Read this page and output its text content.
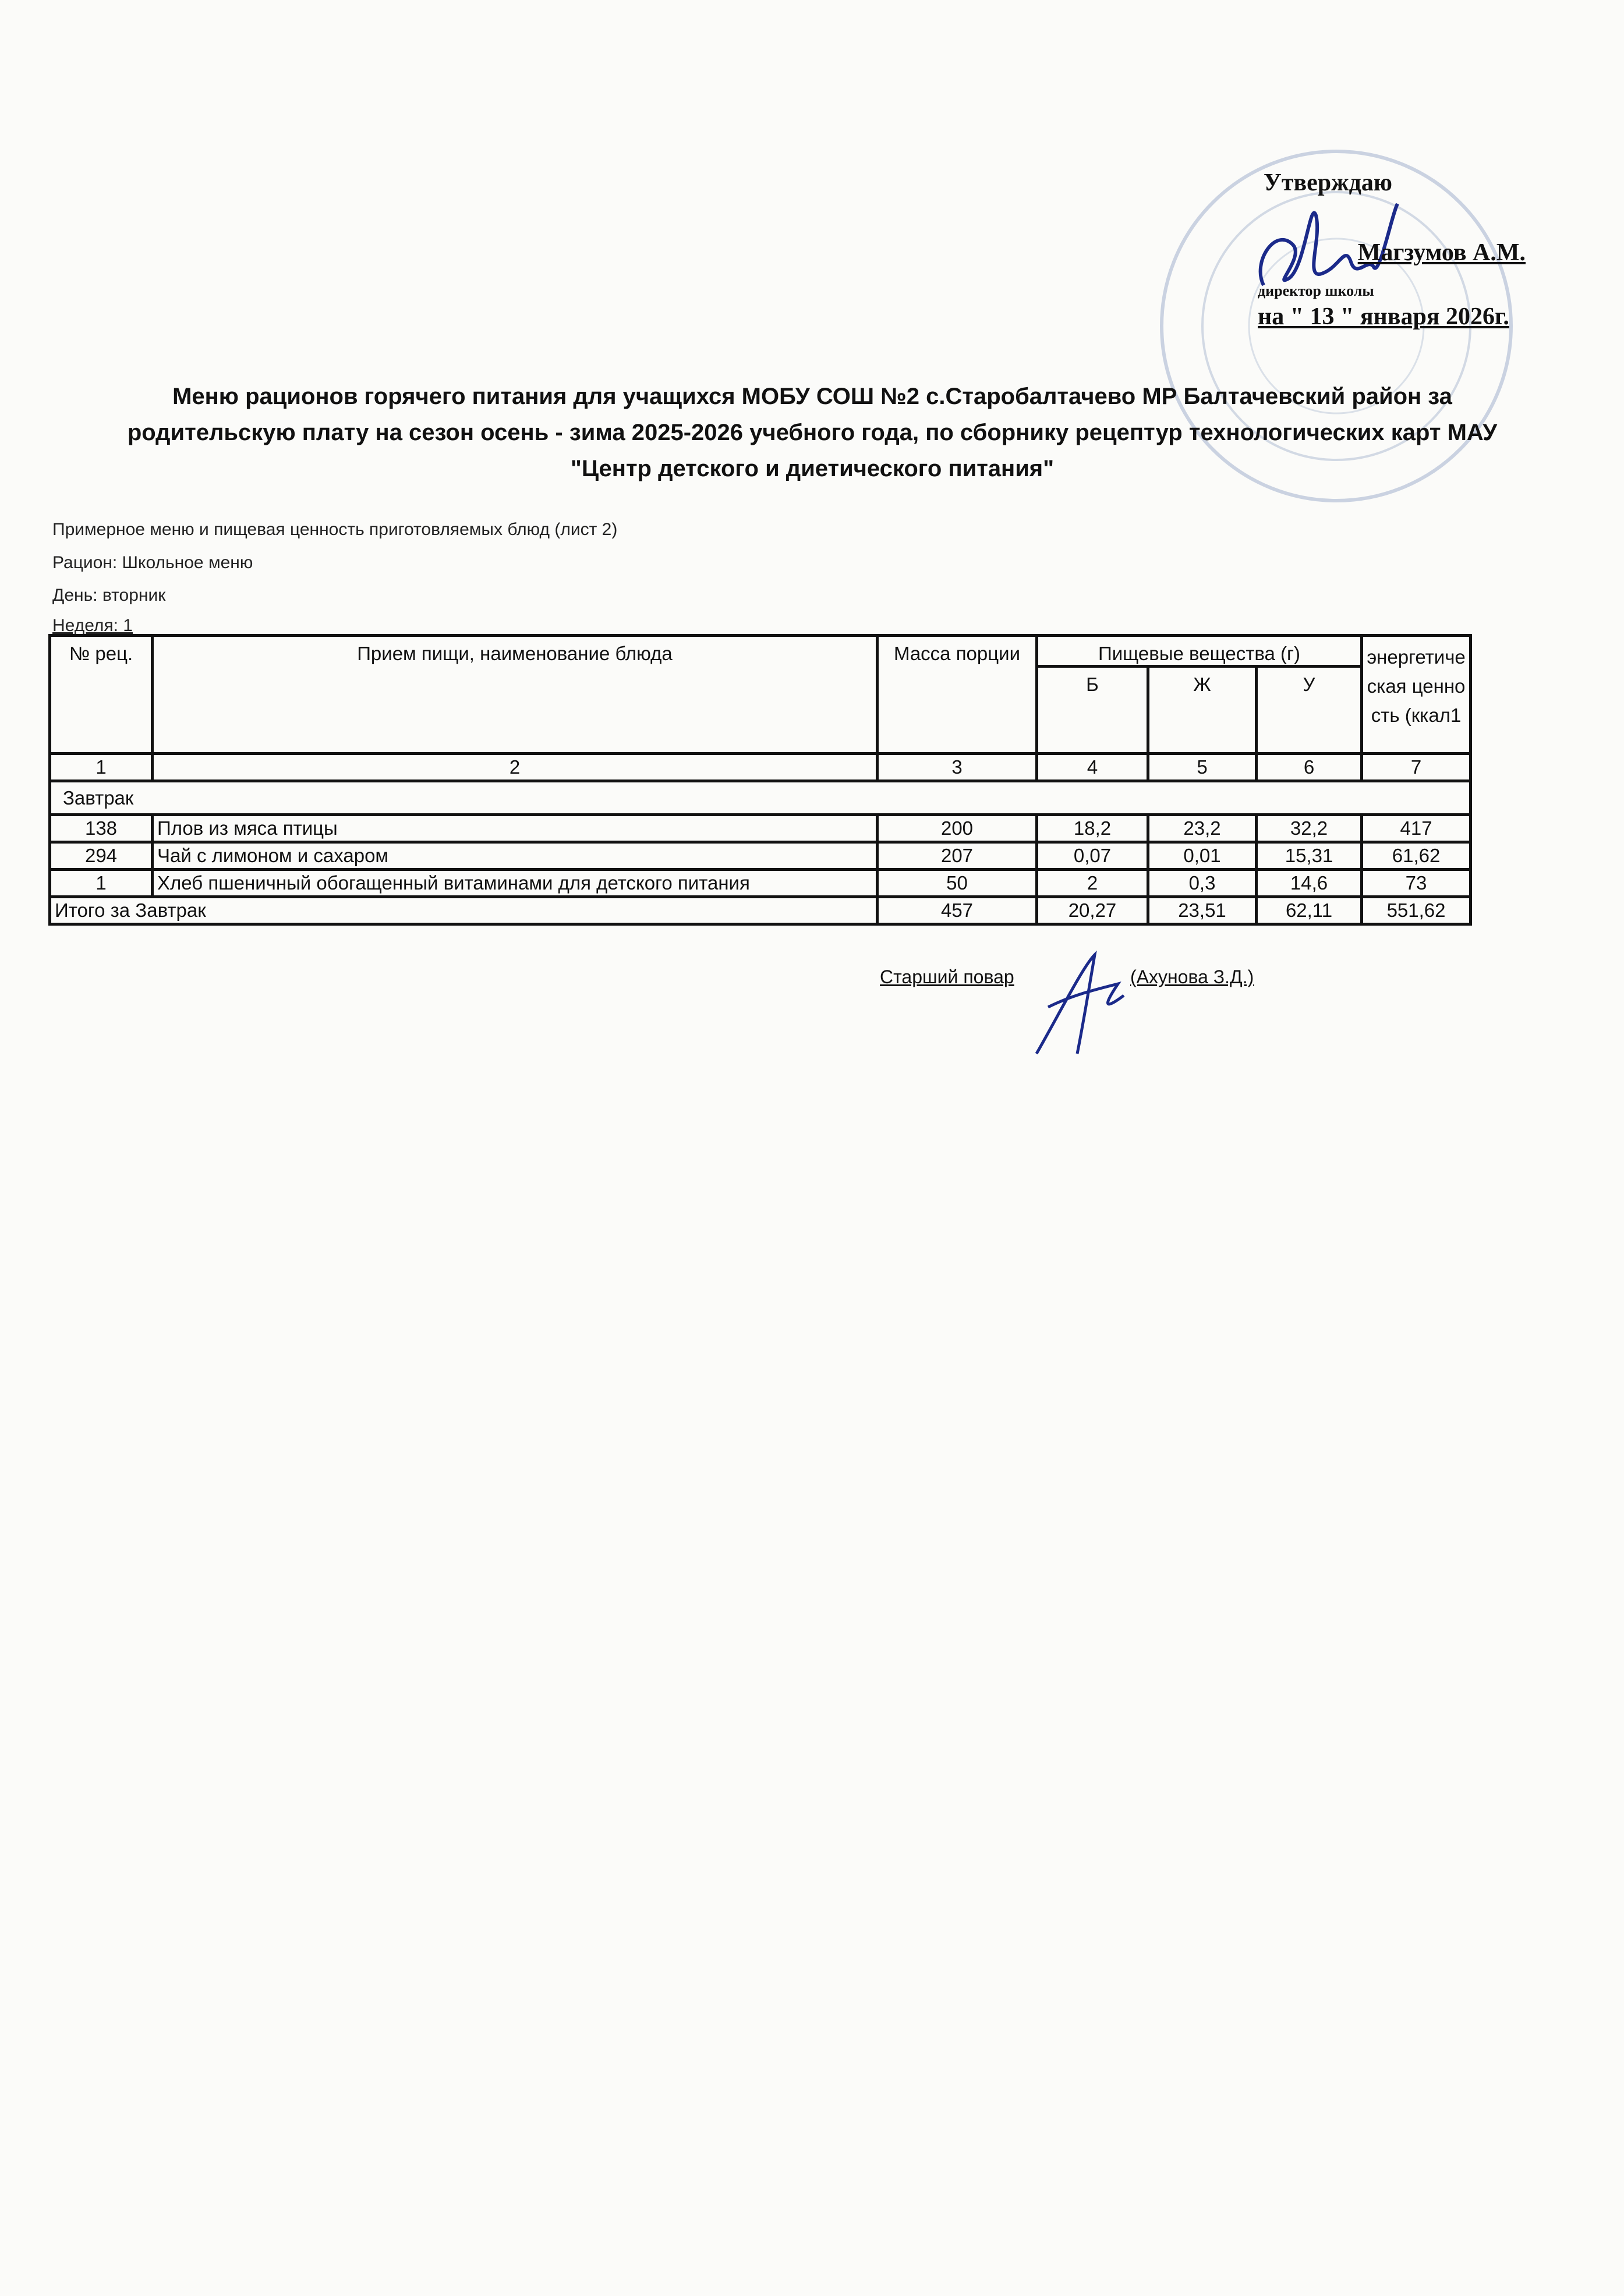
Утверждаю
Магзумов А.М.
директор школы
на " 13 " января 2026г.
Меню рационов горячего питания для учащихся МОБУ СОШ №2 с.Старобалтачево МР Балтачевский район за родительскую плату на сезон осень - зима 2025-2026 учебного года, по сборнику рецептур технологических карт МАУ "Центр детского и диетического питания"
Примерное меню и пищевая ценность приготовляемых блюд (лист 2)
Рацион: Школьное меню
День: вторник
Неделя: 1
№ рец.	Прием пищи, наименование блюда	Масса порции	Пищевые вещества (г)			энергетическая ценность (ккал1
			Б	Ж	У	
1	2	3	4	5	6	7
Завтрак						
138	Плов из мяса птицы	200	18,2	23,2	32,2	417
294	Чай с лимоном и сахаром	207	0,07	0,01	15,31	61,62
1	Хлеб пшеничный обогащенный витаминами для детского питания	50	2	0,3	14,6	73
Итого за Завтрак		457	20,27	23,51	62,11	551,62
Старший повар	(Ахунова З.Д.)
